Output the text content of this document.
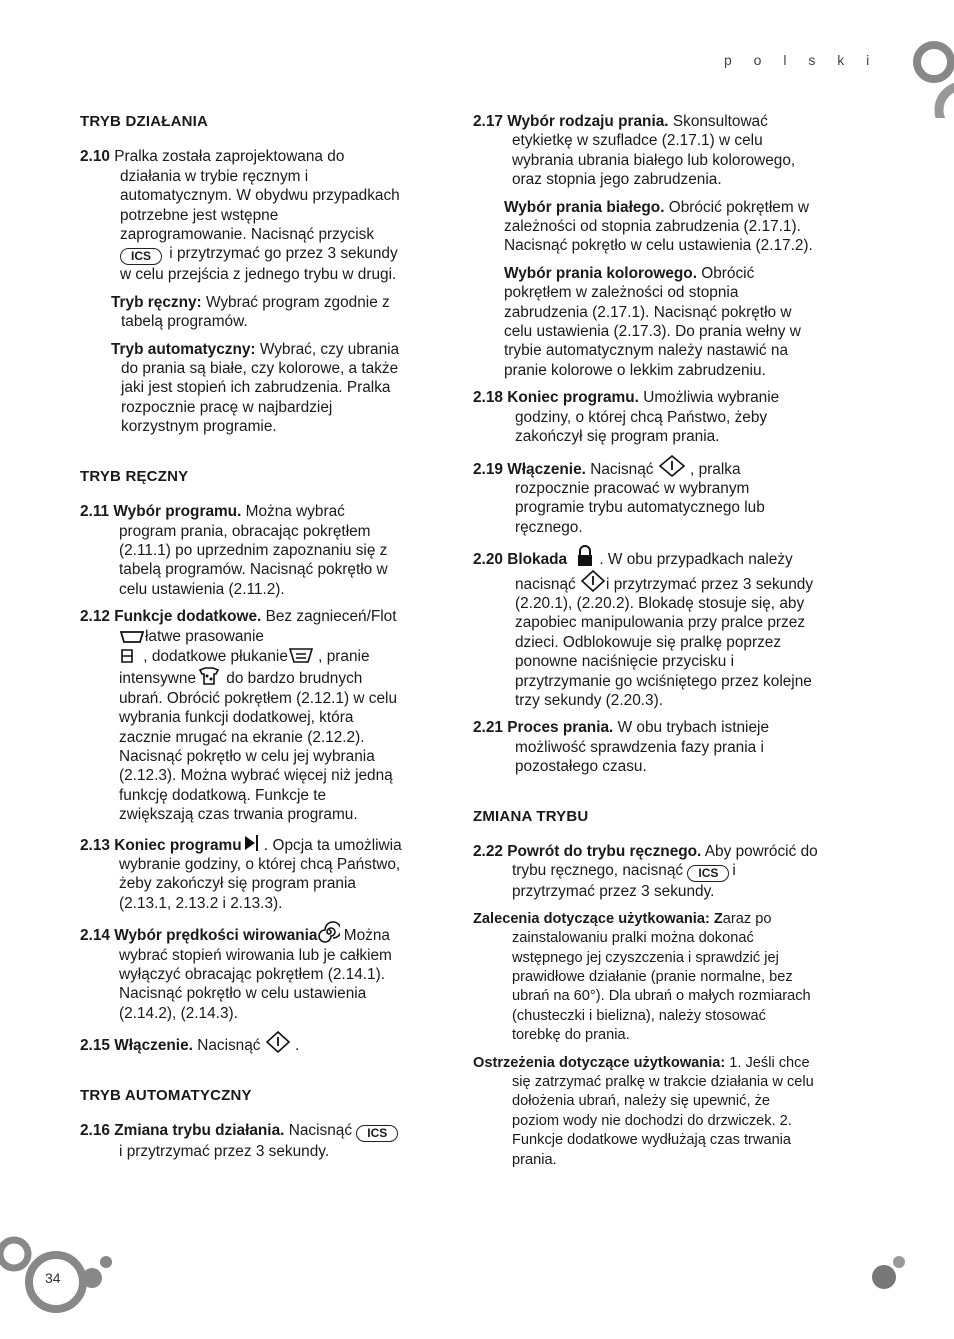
p o l s k i
TRYB DZIAŁANIA

2.10 Pralka została zaprojektowana do działania w trybie ręcznym i automatycznym. W obydwu przypadkach potrzebne jest wstępne zaprogramowanie. Nacisnąć przycisk ICS i przytrzymać go przez 3 sekundy w celu przejścia z jednego trybu w drugi.

Tryb ręczny: Wybrać program zgodnie z tabelą programów.

Tryb automatyczny: Wybrać, czy ubrania do prania są białe, czy kolorowe, a także jaki jest stopień ich zabrudzenia. Pralka rozpocznie pracę w najbardziej korzystnym programie.

TRYB RĘCZNY

2.11 Wybór programu. Można wybrać program prania, obracając pokrętłem (2.11.1) po uprzednim zapoznaniu się z tabelą programów. Nacisnąć pokrętło w celu ustawienia (2.11.2).

2.12 Funkcje dodatkowe. Bez zagnieceń/Flotłatwe prasowanie
, dodatkowe płukanie , pranie intensywne do bardzo brudnych ubrań. Obrócić pokrętłem (2.12.1) w celu wybrania funkcji dodatkowej, która zacznie mrugać na ekranie (2.12.2). Nacisnąć pokrętło w celu jej wybrania (2.12.3). Można wybrać więcej niż jedną funkcję dodatkową. Funkcje te zwiększają czas trwania programu.

2.13 Koniec programu . Opcja ta umożliwia wybranie godziny, o której chcą Państwo, żeby zakończył się program prania (2.13.1, 2.13.2 i 2.13.3).

2.14 Wybór prędkości wirowania Można wybrać stopień wirowania lub je całkiem wyłączyć obracając pokrętłem (2.14.1). Nacisnąć pokrętło w celu ustawienia (2.14.2), (2.14.3).

2.15 Włączenie. Nacisnąć  .

TRYB AUTOMATYCZNY

2.16 Zmiana trybu działania. Nacisnąć ICSi przytrzymać przez 3 sekundy.

2.17 Wybór rodzaju prania. Skonsultować etykietkę w szufladce (2.17.1) w celu wybrania ubrania białego lub kolorowego, oraz stopnia jego zabrudzenia.

Wybór prania białego. Obrócić pokrętłem w zależności od stopnia zabrudzenia (2.17.1). Nacisnąć pokrętło w celu ustawienia (2.17.2).

Wybór prania kolorowego. Obrócić pokrętłem w zależności od stopnia zabrudzenia (2.17.1). Nacisnąć pokrętło w celu ustawienia (2.17.3). Do prania wełny w trybie automatycznym należy nastawić na pranie kolorowe o lekkim zabrudzeniu.

2.18 Koniec programu. Umożliwia wybranie godziny, o której chcą Państwo, żeby zakończył się program prania.

2.19 Włączenie. Nacisnąć  , pralka rozpocznie pracować w wybranym programie trybu automatycznego lub ręcznego.

2.20 Blokada . W obu przypadkach należy nacisnąć i przytrzymać przez 3 sekundy (2.20.1), (2.20.2). Blokadę stosuje się, aby zapobiec manipulowania przy pralce przez dzieci. Odblokowuje się pralkę poprzez ponowne naciśnięcie przycisku i przytrzymanie go wciśniętego przez kolejne trzy sekundy (2.20.3).

2.21 Proces prania. W obu trybach istnieje możliwość sprawdzenia fazy prania i pozostałego czasu.

ZMIANA TRYBU

2.22 Powrót do trybu ręcznego. Aby powrócić do trybu ręcznego, nacisnąć ICS i przytrzymać przez 3 sekundy.

Zalecenia dotyczące użytkowania: Zaraz po zainstalowaniu pralki można dokonać wstępnego jej czyszczenia i sprawdzić jej prawidłowe działanie (pranie normalne, bez ubrań na 60°). Dla ubrań o małych rozmiarach (chusteczki i bielizna), należy stosować torebkę do prania.

Ostrzeżenia dotyczące użytkowania: 1. Jeśli chce się zatrzymać pralkę w trakcie działania w celu dołożenia ubrań, należy się upewnić, że poziom wody nie dochodzi do drzwiczek. 2. Funkcje dodatkowe wydłużają czas trwania prania.

34
